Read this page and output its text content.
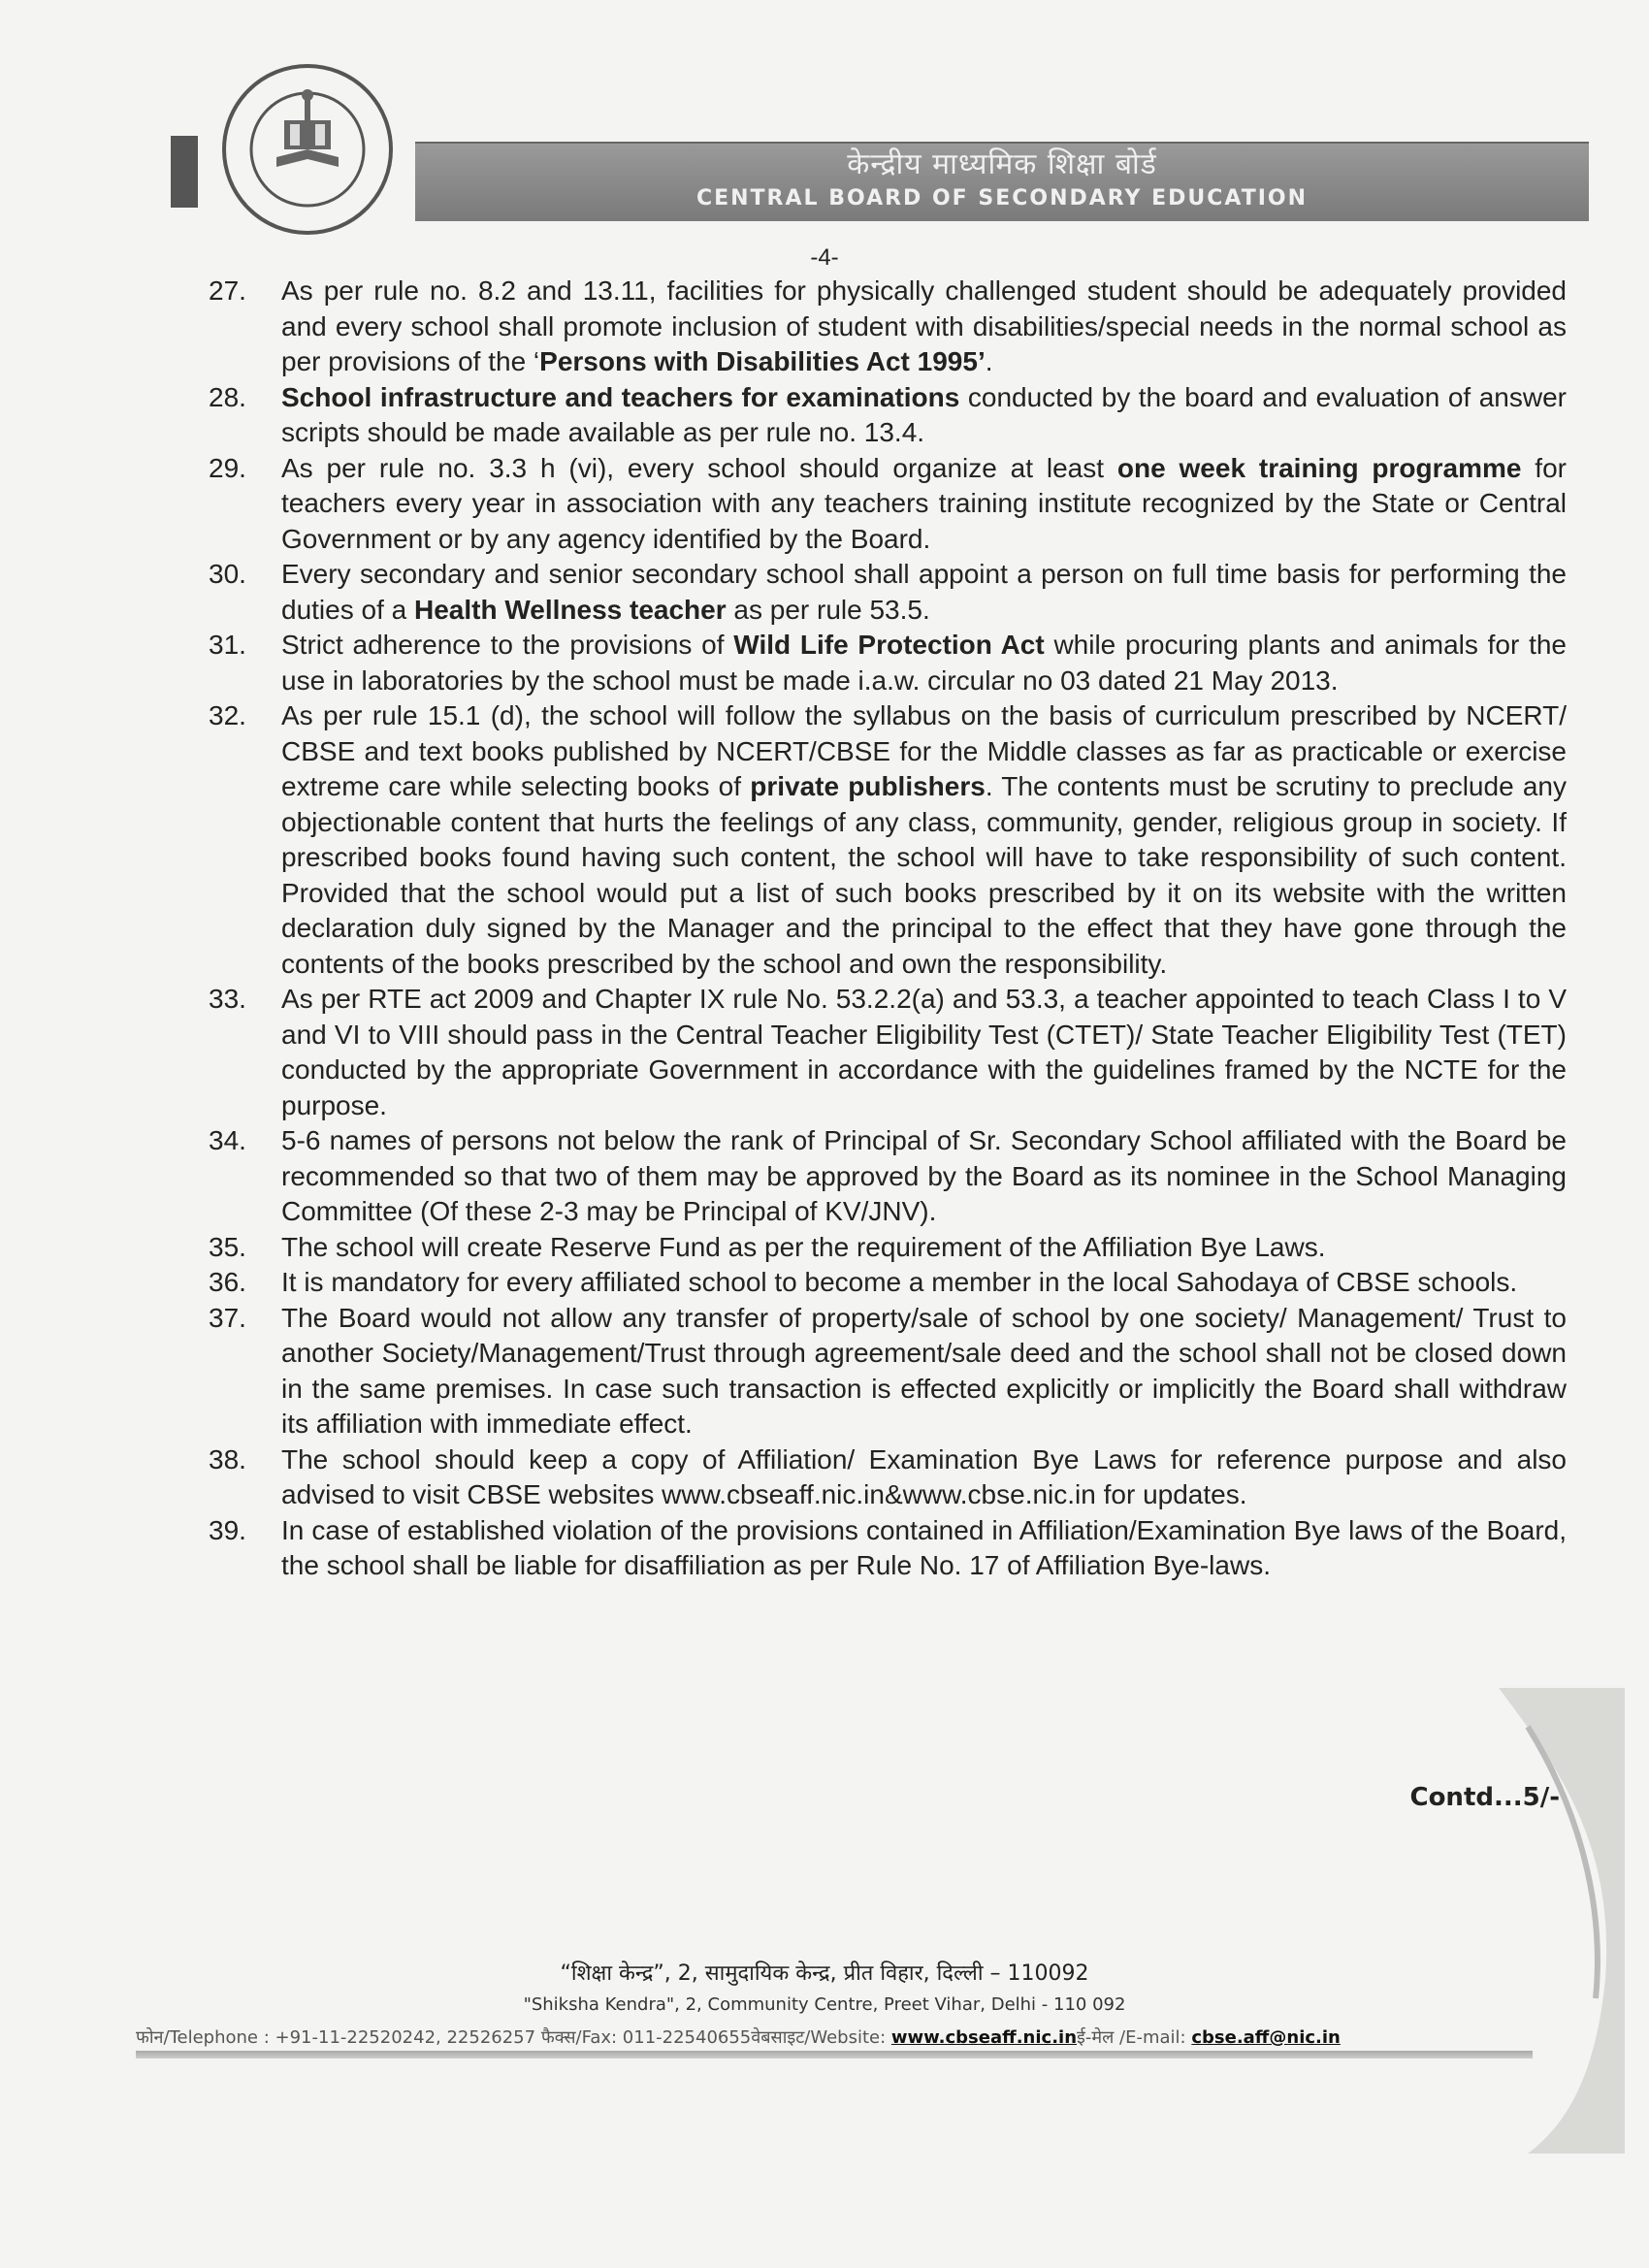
केन्द्रीय माध्यमिक शिक्षा बोर्ड
CENTRAL BOARD OF SECONDARY EDUCATION
-4-
27.	As per rule no. 8.2 and 13.11, facilities for physically challenged student should be adequately provided and every school shall promote inclusion of student with disabilities/special needs in the normal school as per provisions of the ‘Persons with Disabilities Act 1995’.
28.	School infrastructure and teachers for examinations conducted by the board and evaluation of answer scripts should be made available as per rule no. 13.4.
29.	As per rule no. 3.3 h (vi), every school should organize at least one week training programme for teachers every year in association with any teachers training institute recognized by the State or Central Government or by any agency identified by the Board.
30.	Every secondary and senior secondary school shall appoint a person on full time basis for performing the duties of a Health Wellness teacher as per rule 53.5.
31.	Strict adherence to the provisions of Wild Life Protection Act while procuring plants and animals for the use in laboratories by the school must be made i.a.w. circular no 03 dated 21 May 2013.
32.	As per rule 15.1 (d), the school will follow the syllabus on the basis of curriculum prescribed by NCERT/ CBSE and text books published by NCERT/CBSE for the Middle classes as far as practicable or exercise extreme care while selecting books of private publishers. The contents must be scrutiny to preclude any objectionable content that hurts the feelings of any class, community, gender, religious group in society. If prescribed books found having such content, the school will have to take responsibility of such content. Provided that the school would put a list of such books prescribed by it on its website with the written declaration duly signed by the Manager and the principal to the effect that they have gone through the contents of the books prescribed by the school and own the responsibility.
33.	As per RTE act 2009 and Chapter IX rule No. 53.2.2(a) and 53.3, a teacher appointed to teach Class I to V and VI to VIII should pass in the Central Teacher Eligibility Test (CTET)/ State Teacher Eligibility Test (TET) conducted by the appropriate Government in accordance with the guidelines framed by the NCTE for the purpose.
34.	5-6 names of persons not below the rank of Principal of Sr. Secondary School affiliated with the Board be recommended so that two of them may be approved by the Board as its nominee in the School Managing Committee (Of these 2-3 may be Principal of KV/JNV).
35.	The school will create Reserve Fund as per the requirement of the Affiliation Bye Laws.
36.	It is mandatory for every affiliated school to become a member in the local Sahodaya of CBSE schools.
37.	The Board would not allow any transfer of property/sale of school by one society/ Management/ Trust to another Society/Management/Trust through agreement/sale deed and the school shall not be closed down in the same premises. In case such transaction is effected explicitly or implicitly the Board shall withdraw its affiliation with immediate effect.
38.	The school should keep a copy of Affiliation/ Examination Bye Laws for reference purpose and also advised to visit CBSE websites www.cbseaff.nic.in&www.cbse.nic.in for updates.
39.	In case of established violation of the provisions contained in Affiliation/Examination Bye laws of the Board, the school shall be liable for disaffiliation as per Rule No. 17 of Affiliation Bye-laws.
Contd...5/-
“शिक्षा केन्द्र”, 2, सामुदायिक केन्द्र, प्रीत विहार, दिल्ली – 110092
"Shiksha Kendra", 2, Community Centre, Preet Vihar, Delhi - 110 092
फोन/Telephone : +91-11-22520242, 22526257 फैक्स/Fax: 011-22540655वेबसाइट/Website: www.cbseaff.nic.inई-मेल /E-mail: cbse.aff@nic.in
